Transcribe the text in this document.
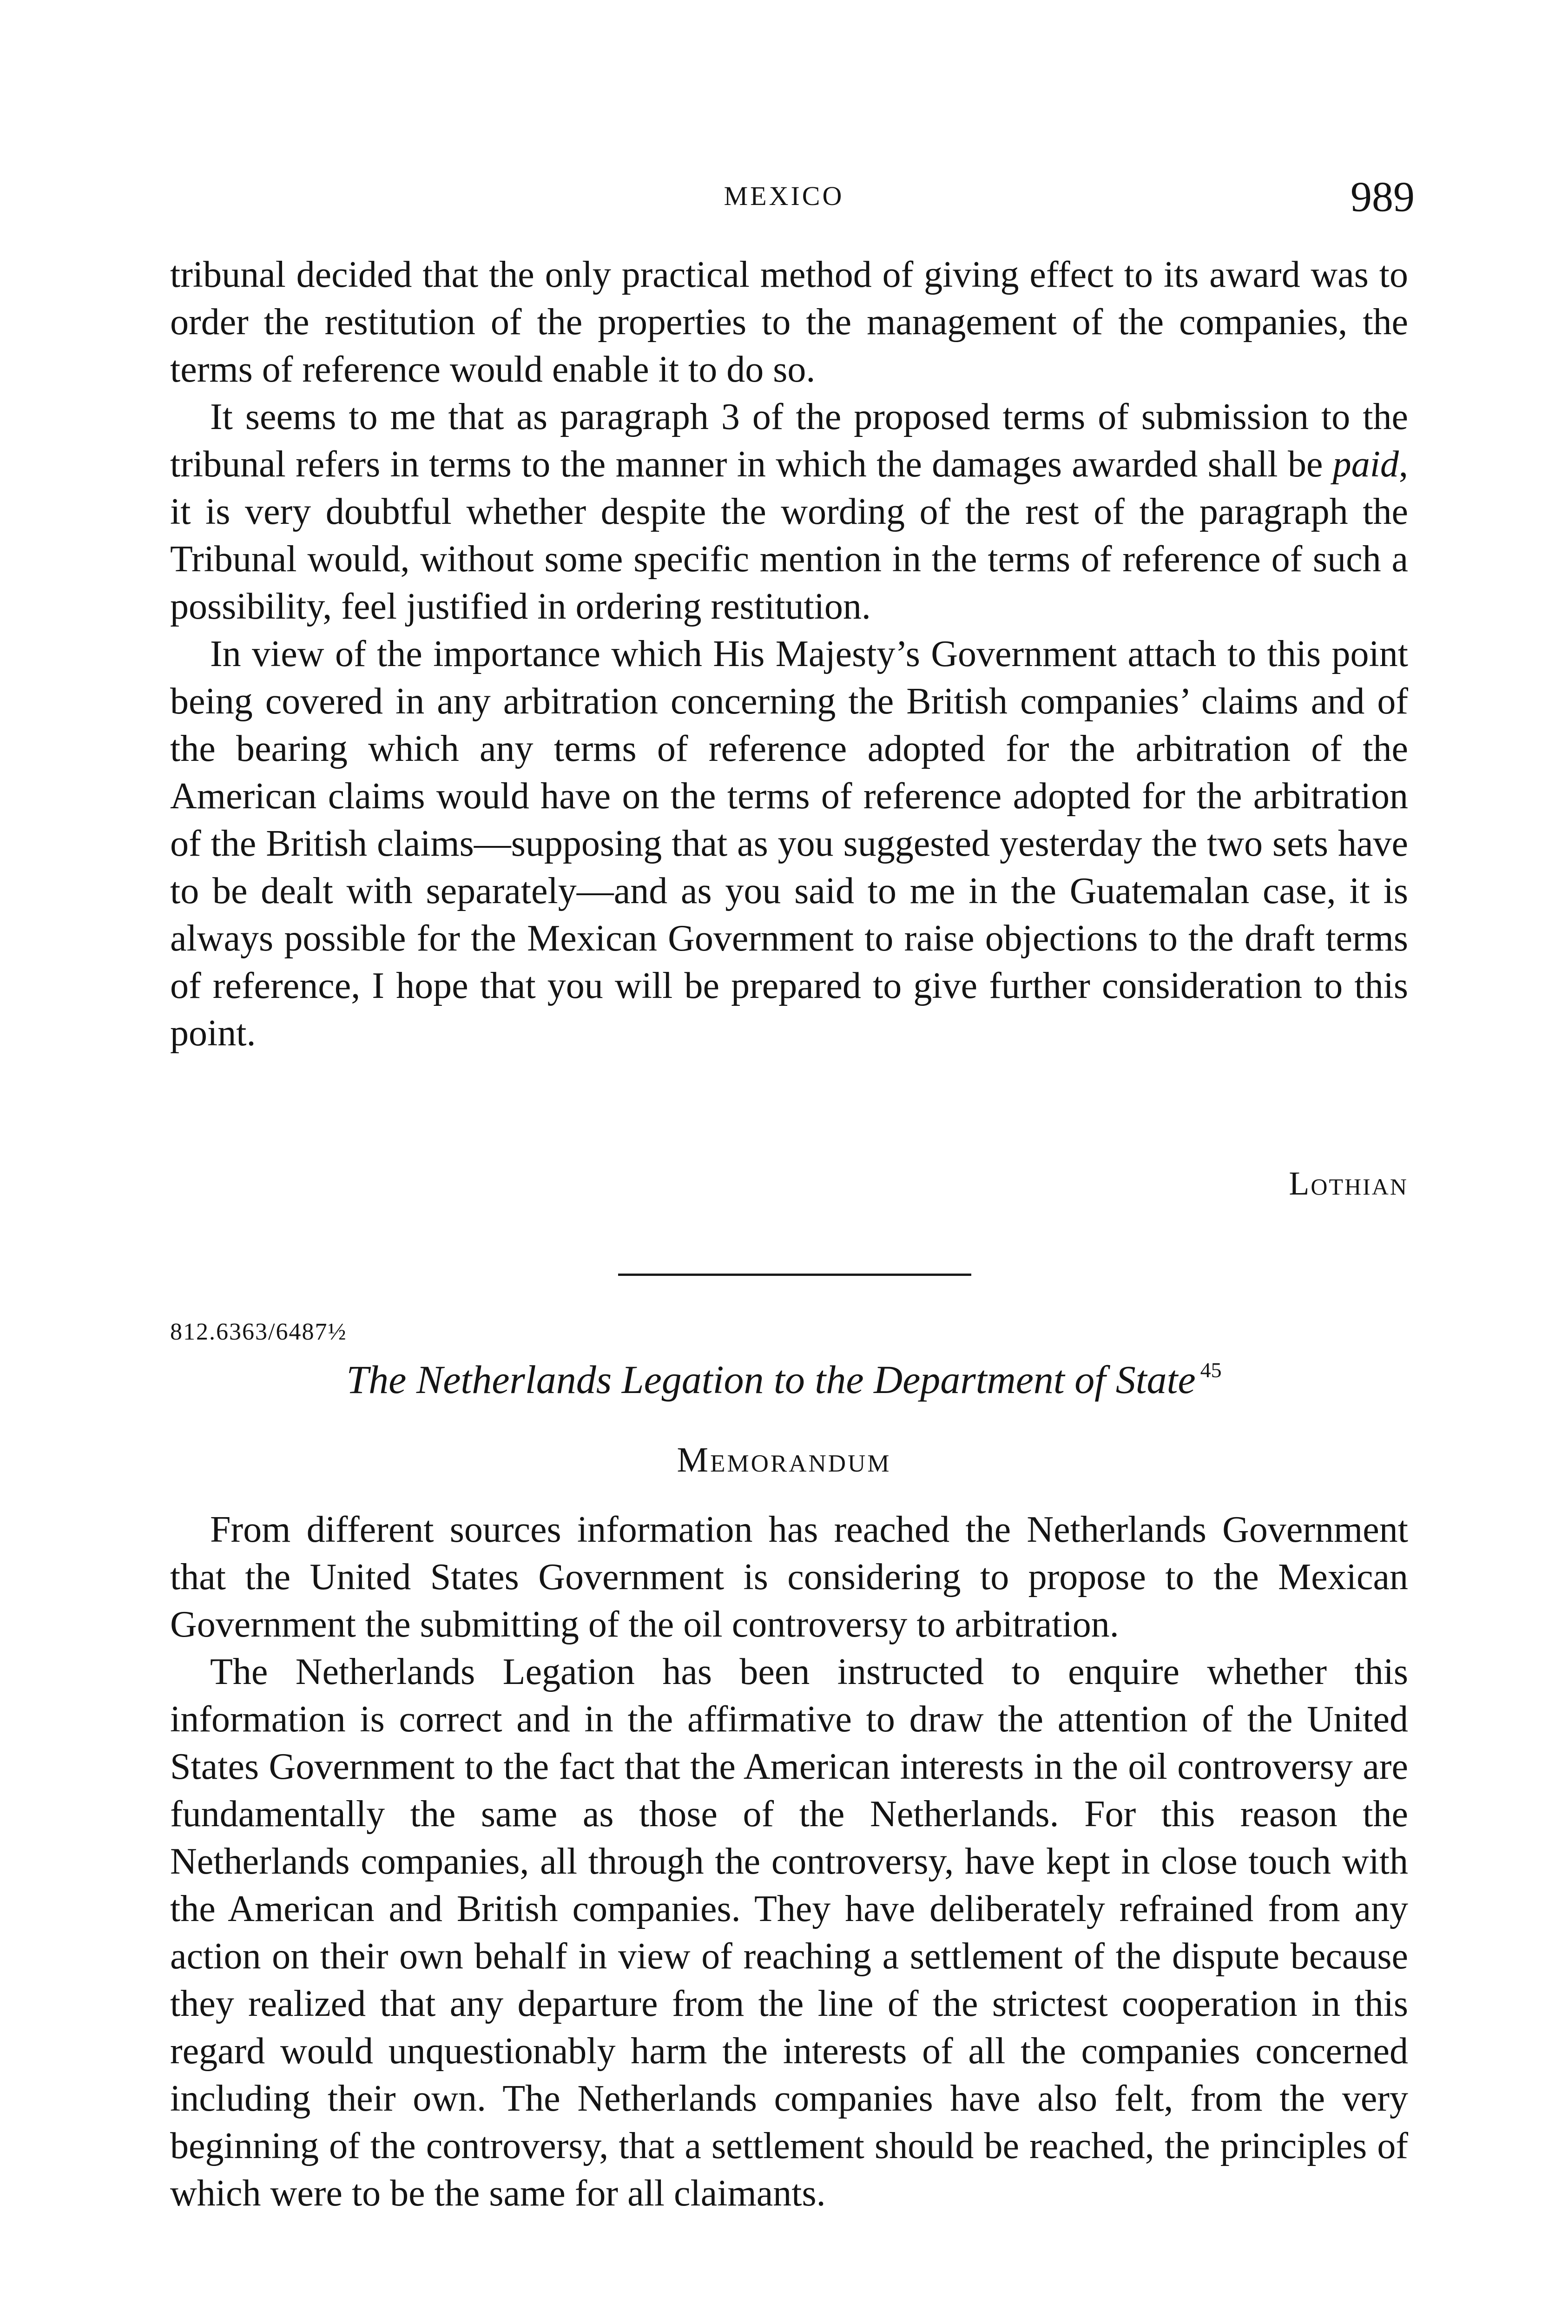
MEXICO	989

tribunal decided that the only practical method of giving effect to its award was to order the restitution of the properties to the management of the companies, the terms of reference would enable it to do so.

It seems to me that as paragraph 3 of the proposed terms of submission to the tribunal refers in terms to the manner in which the damages awarded shall be paid, it is very doubtful whether despite the wording of the rest of the paragraph the Tribunal would, without some specific mention in the terms of reference of such a possibility, feel justified in ordering restitution.

In view of the importance which His Majesty’s Government attach to this point being covered in any arbitration concerning the British companies’ claims and of the bearing which any terms of reference adopted for the arbitration of the American claims would have on the terms of reference adopted for the arbitration of the British claims—supposing that as you suggested yesterday the two sets have to be dealt with separately—and as you said to me in the Guatemalan case, it is always possible for the Mexican Government to raise objections to the draft terms of reference, I hope that you will be prepared to give further consideration to this point.

Lothian
812.6363/6487½
The Netherlands Legation to the Department of State $^{45}$
Memorandum

From different sources information has reached the Netherlands Government that the United States Government is considering to propose to the Mexican Government the submitting of the oil controversy to arbitration.

The Netherlands Legation has been instructed to enquire whether this information is correct and in the affirmative to draw the attention of the United States Government to the fact that the American interests in the oil controversy are fundamentally the same as those of the Netherlands. For this reason the Netherlands companies, all through the controversy, have kept in close touch with the American and British companies. They have deliberately refrained from any action on their own behalf in view of reaching a settlement of the dispute because they realized that any departure from the line of the strictest cooperation in this regard would unquestionably harm the interests of all the companies concerned including their own. The Netherlands companies have also felt, from the very beginning of the controversy, that a settlement should be reached, the principles of which were to be the same for all claimants.
